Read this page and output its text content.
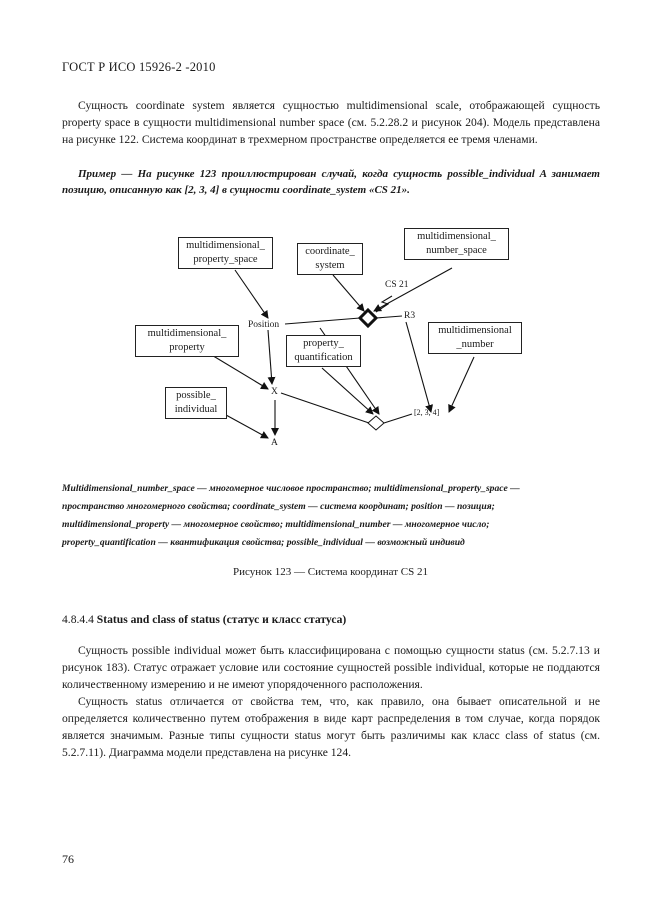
ГОСТ Р ИСО 15926-2 -2010

Сущность coordinate system является сущностью multidimensional scale, отображающей сущность property space в сущности multidimensional number space (см. 5.2.28.2 и рисунок 204). Модель представлена на рисунке 122. Система координат в трехмерном пространстве определяется ее тремя членами.

Пример — На рисунке 123 проиллюстрирован случай, когда сущность possible_individual A занимает позицию, описанную как [2, 3, 4] в сущности coordinate_system «CS 21».
multidimensional_ property_space
coordinate_ system
multidimensional_ number_space
multidimensional_ property	property_ quantification
multidimensional _number
possible_ individual
CS 21
Position
R3
X
A
[2, 3, 4]
Multidimensional_number_space — многомерное числовое пространство; multidimensional_property_space —
пространство многомерного свойства; coordinate_system — система координат; position — позиция;
multidimensional_property — многомерное свойство; multidimensional_number — многомерное число;
property_quantification — квантификация свойства; possible_individual — возможный индивид
Рисунок 123 — Система координат CS 21
4.8.4.4 Status and class of status (статус и класс статуса)

Сущность possible individual может быть классифицирована с помощью сущности status (см. 5.2.7.13 и рисунок 183). Статус отражает условие или состояние сущностей possible individual, которые не поддаются количественному измерению и не имеют упорядоченного расположения.

Сущность status отличается от свойства тем, что, как правило, она бывает описательной и не определяется количественно путем отображения в виде карт распределения в том случае, когда порядок является значимым. Разные типы сущности status могут быть различимы как класс class of status (см. 5.2.7.11). Диаграмма модели представлена на рисунке 124.

76
